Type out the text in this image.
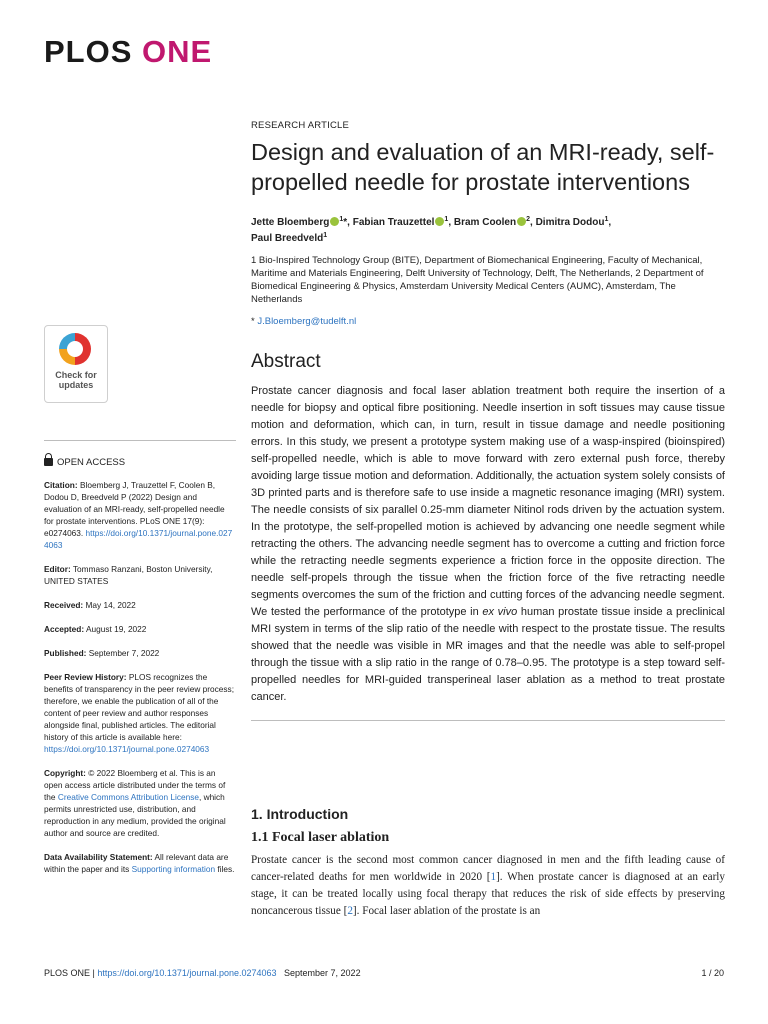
PLOS ONE
RESEARCH ARTICLE
Design and evaluation of an MRI-ready, self-propelled needle for prostate interventions
Jette Bloemberg $^1$*, Fabian Trauzettel $^1$, Bram Coolen $^2$, Dimitra Dodou$^1$,
Paul Breedveld$^1$
1 Bio-Inspired Technology Group (BITE), Department of Biomechanical Engineering, Faculty of Mechanical, Maritime and Materials Engineering, Delft University of Technology, Delft, The Netherlands, 2 Department of Biomedical Engineering & Physics, Amsterdam University Medical Centers (AUMC), Amsterdam, The Netherlands
* J.Bloemberg@tudelft.nl
Abstract
Prostate cancer diagnosis and focal laser ablation treatment both require the insertion of a needle for biopsy and optical fibre positioning. Needle insertion in soft tissues may cause tissue motion and deformation, which can, in turn, result in tissue damage and needle positioning errors. In this study, we present a prototype system making use of a wasp-inspired (bioinspired) self-propelled needle, which is able to move forward with zero external push force, thereby avoiding large tissue motion and deformation. Additionally, the actuation system solely consists of 3D printed parts and is therefore safe to use inside a magnetic resonance imaging (MRI) system. The needle consists of six parallel 0.25-mm diameter Nitinol rods driven by the actuation system. In the prototype, the self-propelled motion is achieved by advancing one needle segment while retracting the others. The advancing needle segment has to overcome a cutting and friction force while the retracting needle segments experience a friction force in the opposite direction. The needle self-propels through the tissue when the friction force of the five retracting needle segments overcomes the sum of the friction and cutting forces of the advancing needle segment. We tested the performance of the prototype in ex vivo human prostate tissue inside a preclinical MRI system in terms of the slip ratio of the needle with respect to the prostate tissue. The results showed that the needle was visible in MR images and that the needle was able to self-propel through the tissue with a slip ratio in the range of 0.78–0.95. The prototype is a step toward self-propelled needles for MRI-guided transperineal laser ablation as a method to treat prostate cancer.
1. Introduction
1.1 Focal laser ablation
Prostate cancer is the second most common cancer diagnosed in men and the fifth leading cause of cancer-related deaths for men worldwide in 2020 [1]. When prostate cancer is diagnosed at an early stage, it can be treated locally using focal therapy that reduces the risk of side effects by preserving noncancerous tissue [2]. Focal laser ablation of the prostate is an
Check for
updates
OPEN ACCESS
Citation: Bloemberg J, Trauzettel F, Coolen B, Dodou D, Breedveld P (2022) Design and evaluation of an MRI-ready, self-propelled needle for prostate interventions. PLoS ONE 17(9): e0274063. https://doi.org/10.1371/journal.pone.0274063
Editor: Tommaso Ranzani, Boston University, UNITED STATES
Received: May 14, 2022
Accepted: August 19, 2022
Published: September 7, 2022
Peer Review History: PLOS recognizes the benefits of transparency in the peer review process; therefore, we enable the publication of all of the content of peer review and author responses alongside final, published articles. The editorial history of this article is available here: https://doi.org/10.1371/journal.pone.0274063
Copyright: © 2022 Bloemberg et al. This is an open access article distributed under the terms of the Creative Commons Attribution License, which permits unrestricted use, distribution, and reproduction in any medium, provided the original author and source are credited.
Data Availability Statement: All relevant data are within the paper and its Supporting information files.
PLOS ONE | https://doi.org/10.1371/journal.pone.0274063   September 7, 2022	1 / 20
